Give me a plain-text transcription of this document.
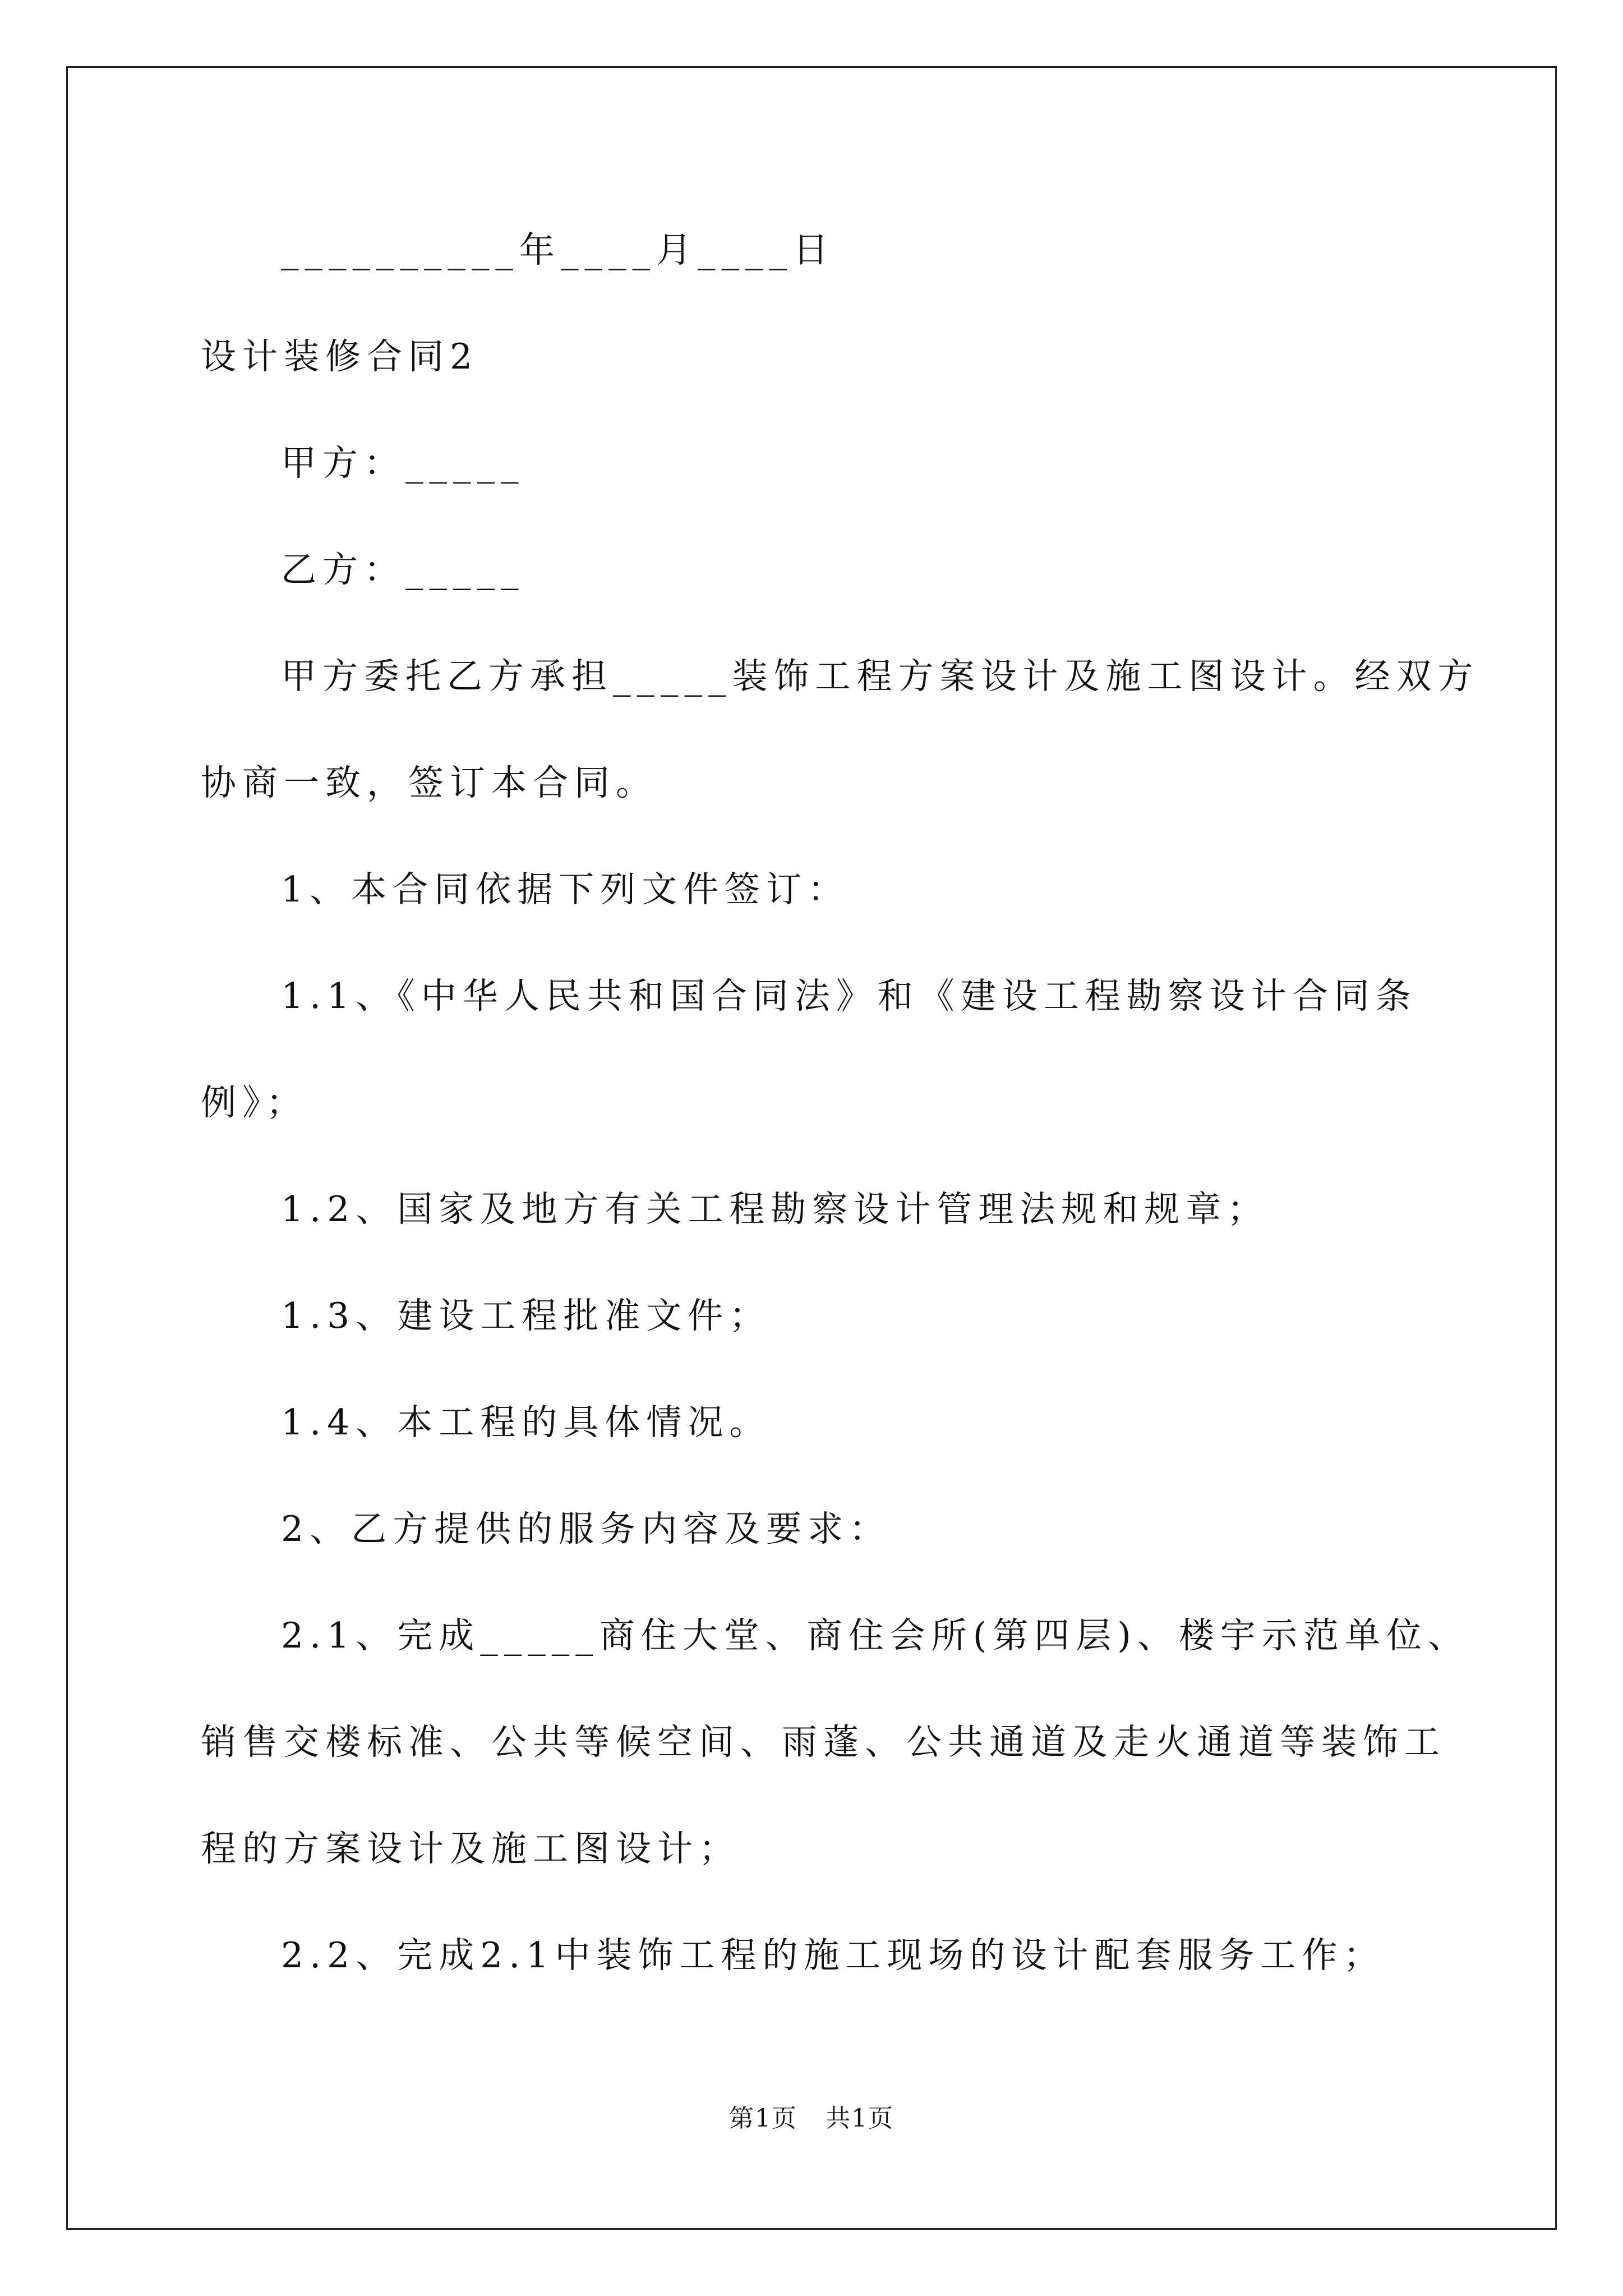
__________年____月____日

设计装修合同2

甲方：_____

乙方：_____

甲方委托乙方承担_____装饰工程方案设计及施工图设计。经双方

协商一致，签订本合同。

1、本合同依据下列文件签订：

1.1、《中华人民共和国合同法》和《建设工程勘察设计合同条

例》；

1.2、国家及地方有关工程勘察设计管理法规和规章；

1.3、建设工程批准文件；

1.4、本工程的具体情况。

2、乙方提供的服务内容及要求：

2.1、完成_____商住大堂、商住会所(第四层)、楼宇示范单位、

销售交楼标准、公共等候空间、雨蓬、公共通道及走火通道等装饰工

程的方案设计及施工图设计；

2.2、完成2.1中装饰工程的施工现场的设计配套服务工作；

第1页 共1页
